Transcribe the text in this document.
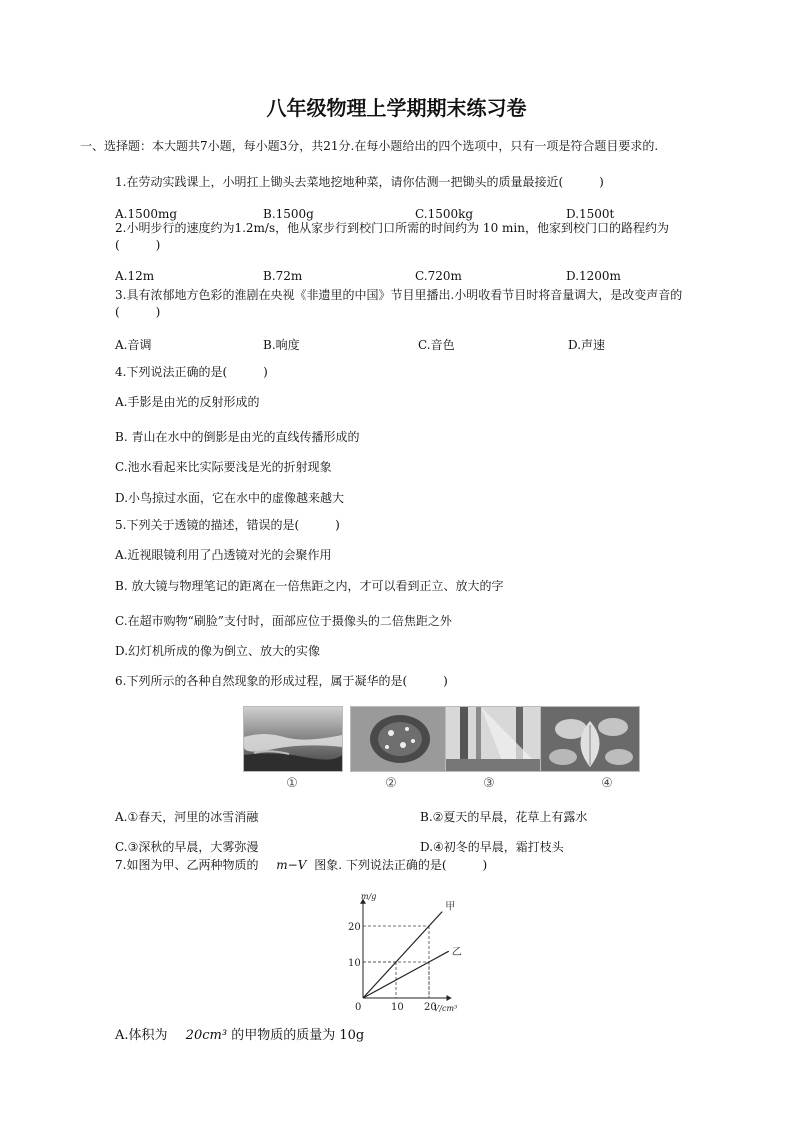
八年级物理上学期期末练习卷
一、选择题：本大题共7小题，每小题3分，共21分.在每小题给出的四个选项中，只有一项是符合题目要求的.
1.在劳动实践课上，小明扛上锄头去菜地挖地种菜，请你估测一把锄头的质量最接近(　　　)
A.1500mg	B.1500g	C.1500kg	D.1500t
2.小明步行的速度约为1.2m/s，他从家步行到校门口所需的时间约为 10 min，他家到校门口的路程约为
(　　　)
A.12m	B.72m	C.720m	D.1200m
3.具有浓郁地方色彩的淮剧在央视《非遗里的中国》节目里播出.小明收看节目时将音量调大，是改变声音的
(　　　)
A.音调	B.响度	C.音色	D.声速
4.下列说法正确的是(　　　)
A.手影是由光的反射形成的
B. 青山在水中的倒影是由光的直线传播形成的
C.池水看起来比实际要浅是光的折射现象
D.小鸟掠过水面，它在水中的虚像越来越大
5.下列关于透镜的描述，错误的是(　　　)
A.近视眼镜利用了凸透镜对光的会聚作用
B. 放大镜与物理笔记的距离在一倍焦距之内，才可以看到正立、放大的字
C.在超市购物“刷脸”支付时，面部应位于摄像头的二倍焦距之外
D.幻灯机所成的像为倒立、放大的实像
6.下列所示的各种自然现象的形成过程，属于凝华的是(　　　)
①	②	③	④
A.①春天，河里的冰雪消融	B.②夏天的早晨，花草上有露水
C.③深秋的早晨，大雾弥漫	D.④初冬的早晨，霜打枝头
7.如图为甲、乙两种物质的 m−V 图象. 下列说法正确的是(　　　)
甲
乙
10 20
10
20
0
m/g
V/cm³
A.体积为 20cm³ 的甲物质的质量为 10g
